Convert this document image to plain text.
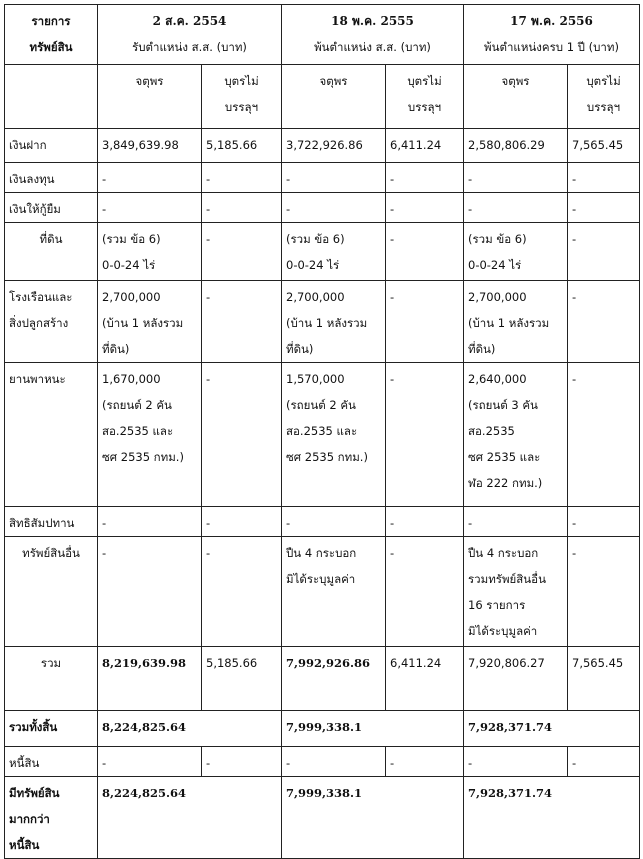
รายการ
ทรัพย์สิน	2 ส.ค. 2554
รับตำแหน่ง ส.ส. (บาท)		18 พ.ค. 2555
พ้นตำแหน่ง ส.ส. (บาท)		17 พ.ค. 2556
พ้นตำแหน่งครบ 1 ปี (บาท)	

	จตุพร	บุตรไม่
บรรลุฯ	จตุพร	บุตรไม่
บรรลุฯ	จตุพร	บุตรไม่
บรรลุฯ

เงินฝาก	3,849,639.98	5,185.66	3,722,926.86	6,411.24	2,580,806.29	7,565.45

เงินลงทุน	-	-	-	-	-	-

เงินให้กู้ยืม	-	-	-	-	-	-

ที่ดิน	(รวม ข้อ 6)
0-0-24 ไร่	-	(รวม ข้อ 6)
0-0-24 ไร่	-	(รวม ข้อ 6)
0-0-24 ไร่	-

โรงเรือนและ
สิ่งปลูกสร้าง	2,700,000
(บ้าน 1 หลังรวม
ที่ดิน)	-	2,700,000
(บ้าน 1 หลังรวม
ที่ดิน)	-	2,700,000
(บ้าน 1 หลังรวม
ที่ดิน)	-

ยานพาหนะ	1,670,000
(รถยนต์ 2 คัน
สอ.2535 และ
ซศ 2535 กทม.)	-	1,570,000
(รถยนต์ 2 คัน
สอ.2535 และ
ซศ 2535 กทม.)	-	2,640,000
(รถยนต์ 3 คัน
สอ.2535
ซศ 2535 และ
ฬอ 222 กทม.)	-

สิทธิสัมปทาน	-	-	-	-	-	-

ทรัพย์สินอื่น	-	-	ปืน 4 กระบอก
มิได้ระบุมูลค่า	-	ปืน 4 กระบอก
รวมทรัพย์สินอื่น
16 รายการ
มิได้ระบุมูลค่า	-

รวม	8,219,639.98	5,185.66	7,992,926.86	6,411.24	7,920,806.27	7,565.45

รวมทั้งสิ้น	8,224,825.64		7,999,338.1		7,928,371.74	

หนี้สิน	-	-	-	-	-	-

มีทรัพย์สิน
มากกว่า
หนี้สิน	8,224,825.64		7,999,338.1		7,928,371.74	
